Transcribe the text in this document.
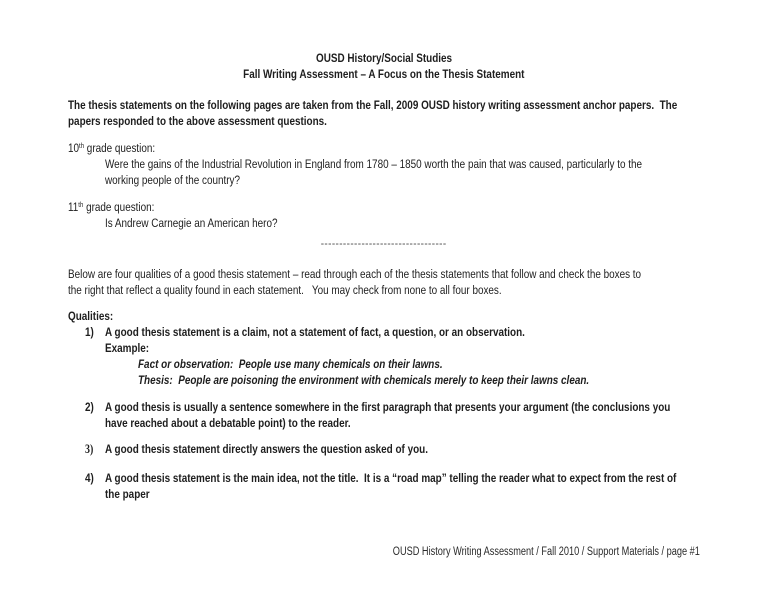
OUSD History/Social Studies
Fall Writing Assessment – A Focus on the Thesis Statement
The thesis statements on the following pages are taken from the Fall, 2009 OUSD history writing assessment anchor papers.  The
papers responded to the above assessment questions.
10th grade question:
Were the gains of the Industrial Revolution in England from 1780 – 1850 worth the pain that was caused, particularly to the
working people of the country?
11th grade question:
Is Andrew Carnegie an American hero?
----------------------------------
Below are four qualities of a good thesis statement – read through each of the thesis statements that follow and check the boxes to
the right that reflect a quality found in each statement.   You may check from none to all four boxes.
Qualities:
1) A good thesis statement is a claim, not a statement of fact, a question, or an observation.
Example:
Fact or observation:  People use many chemicals on their lawns.
Thesis:  People are poisoning the environment with chemicals merely to keep their lawns clean.
2) A good thesis is usually a sentence somewhere in the first paragraph that presents your argument (the conclusions you
have reached about a debatable point) to the reader.
3) A good thesis statement directly answers the question asked of you.
4) A good thesis statement is the main idea, not the title.  It is a “road map” telling the reader what to expect from the rest of
the paper
OUSD History Writing Assessment / Fall 2010 / Support Materials / page #1
